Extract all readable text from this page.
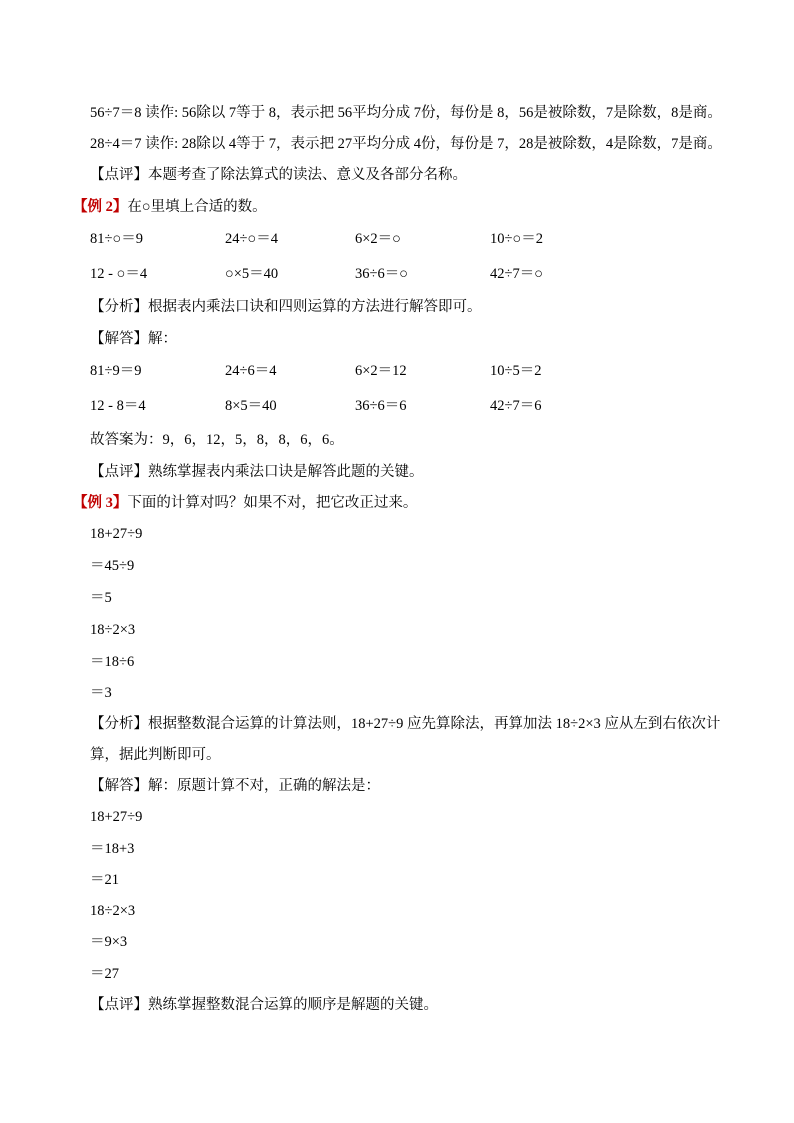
56÷7＝8 读作: 56除以 7等于 8，表示把 56平均分成 7份，每份是 8，56是被除数，7是除数，8是商。
28÷4＝7 读作: 28除以 4等于 7，表示把 27平均分成 4份，每份是 7，28是被除数，4是除数，7是商。
【点评】本题考查了除法算式的读法、意义及各部分名称。
【例 2】在○里填上合适的数。
81÷○＝9	24÷○＝4	6×2＝○	10÷○＝2
12 - ○＝4	○×5＝40	36÷6＝○	42÷7＝○
【分析】根据表内乘法口诀和四则运算的方法进行解答即可。
【解答】解：
81÷9＝9	24÷6＝4	6×2＝12	10÷5＝2
12 - 8＝4	8×5＝40	36÷6＝6	42÷7＝6
故答案为：9，6，12，5，8，8，6，6。
【点评】熟练掌握表内乘法口诀是解答此题的关键。
【例 3】下面的计算对吗？如果不对，把它改正过来。
18+27÷9
＝45÷9
＝5
18÷2×3
＝18÷6
＝3
【分析】根据整数混合运算的计算法则，18+27÷9 应先算除法，再算加法 18÷2×3 应从左到右依次计
算，据此判断即可。
【解答】解：原题计算不对，正确的解法是：
18+27÷9
＝18+3
＝21
18÷2×3
＝9×3
＝27
【点评】熟练掌握整数混合运算的顺序是解题的关键。
